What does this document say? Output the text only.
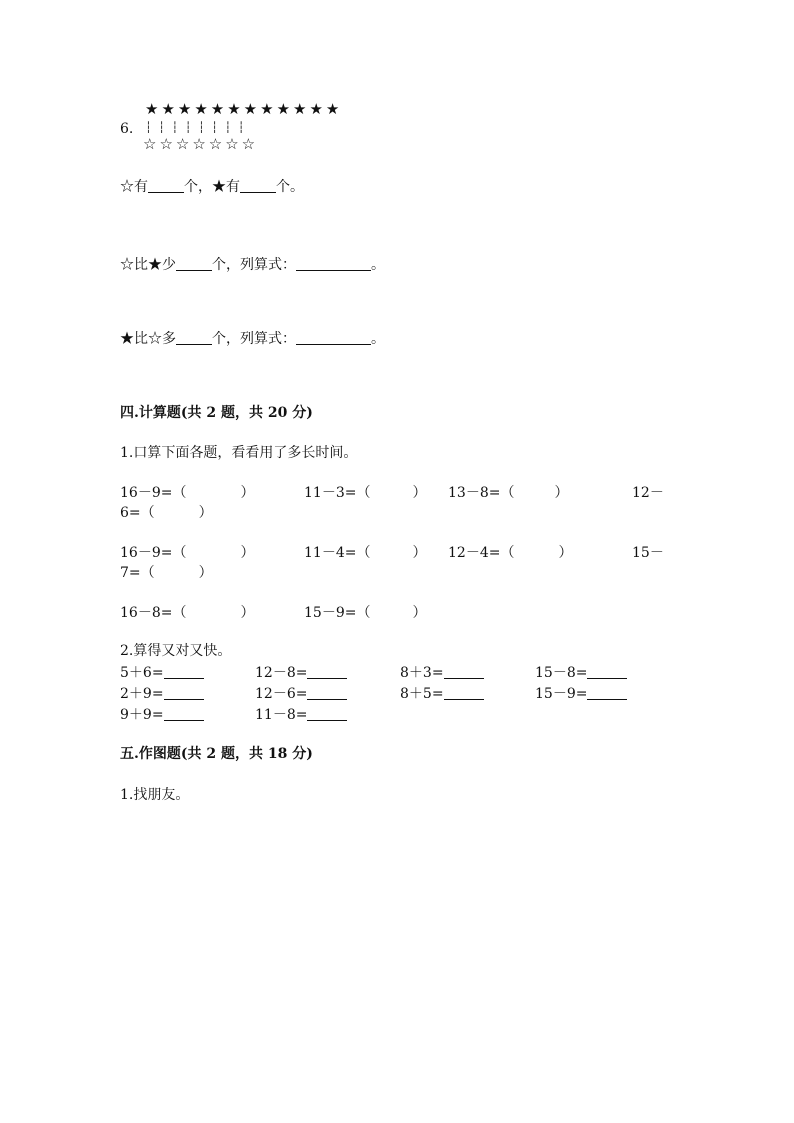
★★★★★★★★★★★★
6. ┆ ┆ ┆ ┆ ┆ ┆ ┆ ┆
☆☆☆☆☆☆☆
☆有	个，★有	个。
☆比★少	个，列算式：	。
★比☆多	个，列算式：	。
四.计算题(共 2 题，共 20 分)
1.口算下面各题，看看用了多长时间。
16－9=（	）	11－3=（	） 13－8=（	）	12－
6=（	）
16－9=（	）	11－4=（	） 12－4=（	）	15－
7=（	）
16－8=（	）	15－9=（	）
2.算得又对又快。
5＋6=	12－8=	8＋3=	15－8=
2＋9=	12－6=	8＋5=	15－9=
9＋9=	11－8=
五.作图题(共 2 题，共 18 分)
1.找朋友。
